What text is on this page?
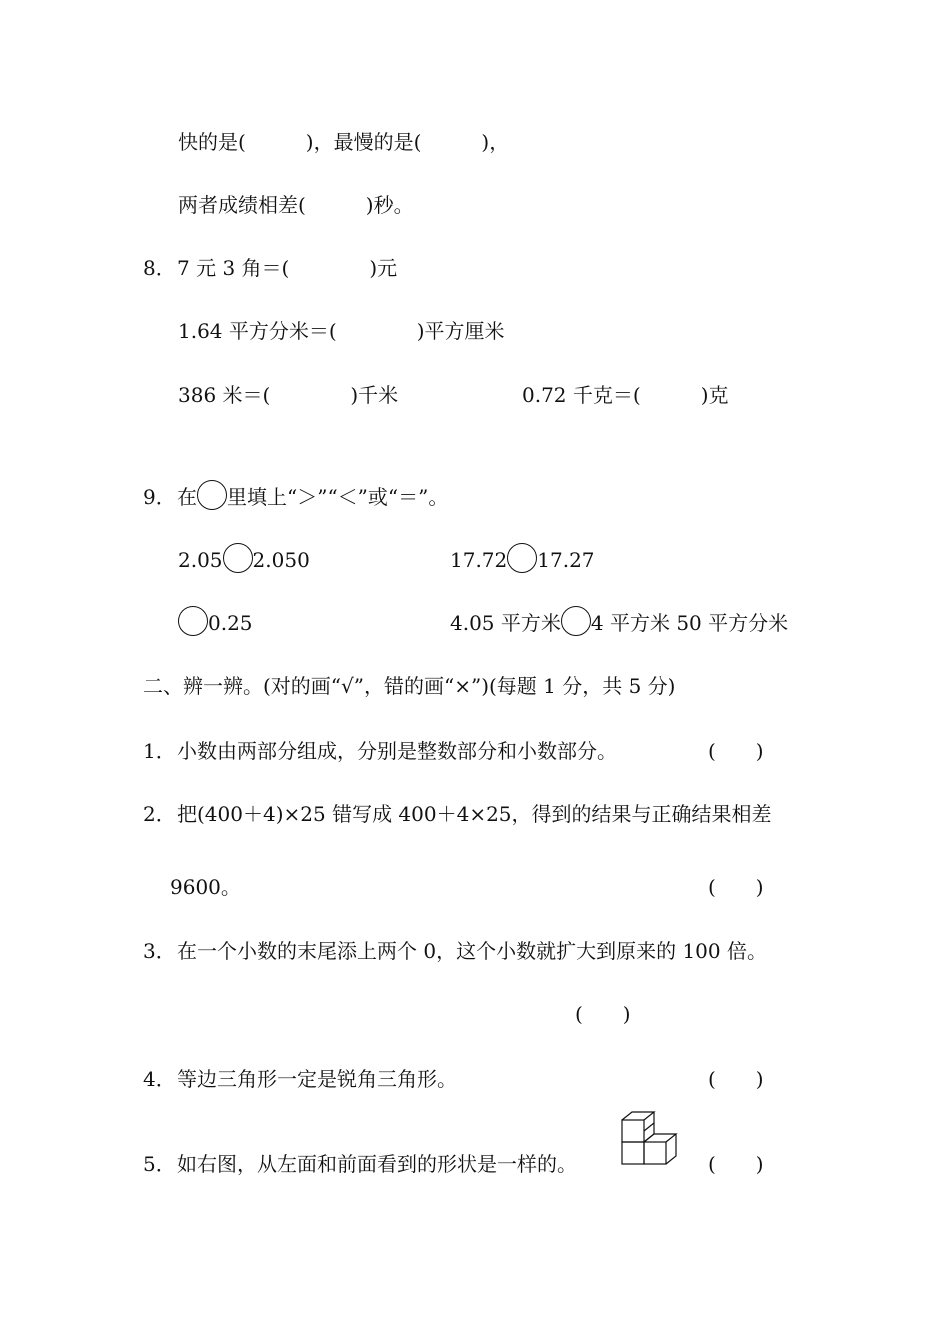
快的是(　　　)，最慢的是(　　　)，
两者成绩相差(　　　)秒。
8．7 元 3 角＝(　　　　)元
1.64 平方分米＝(　　　　)平方厘米
386 米＝(　　　　)千米	0.72 千克＝(　　　)克
9．在 里填上“＞”“＜”或“＝”。
2.05 2.050	17.72 17.27
0.25	4.05 平方米 4 平方米 50 平方分米
二、辨一辨。(对的画“√”，错的画“×”)(每题 1 分，共 5 分)
1．小数由两部分组成，分别是整数部分和小数部分。	(　　)
2．把(400＋4)×25 错写成 400＋4×25，得到的结果与正确结果相差
9600。	(　　)
3．在一个小数的末尾添上两个 0，这个小数就扩大到原来的 100 倍。
(　　)
4．等边三角形一定是锐角三角形。	(　　)
5．如右图，从左面和前面看到的形状是一样的。	(　　)
